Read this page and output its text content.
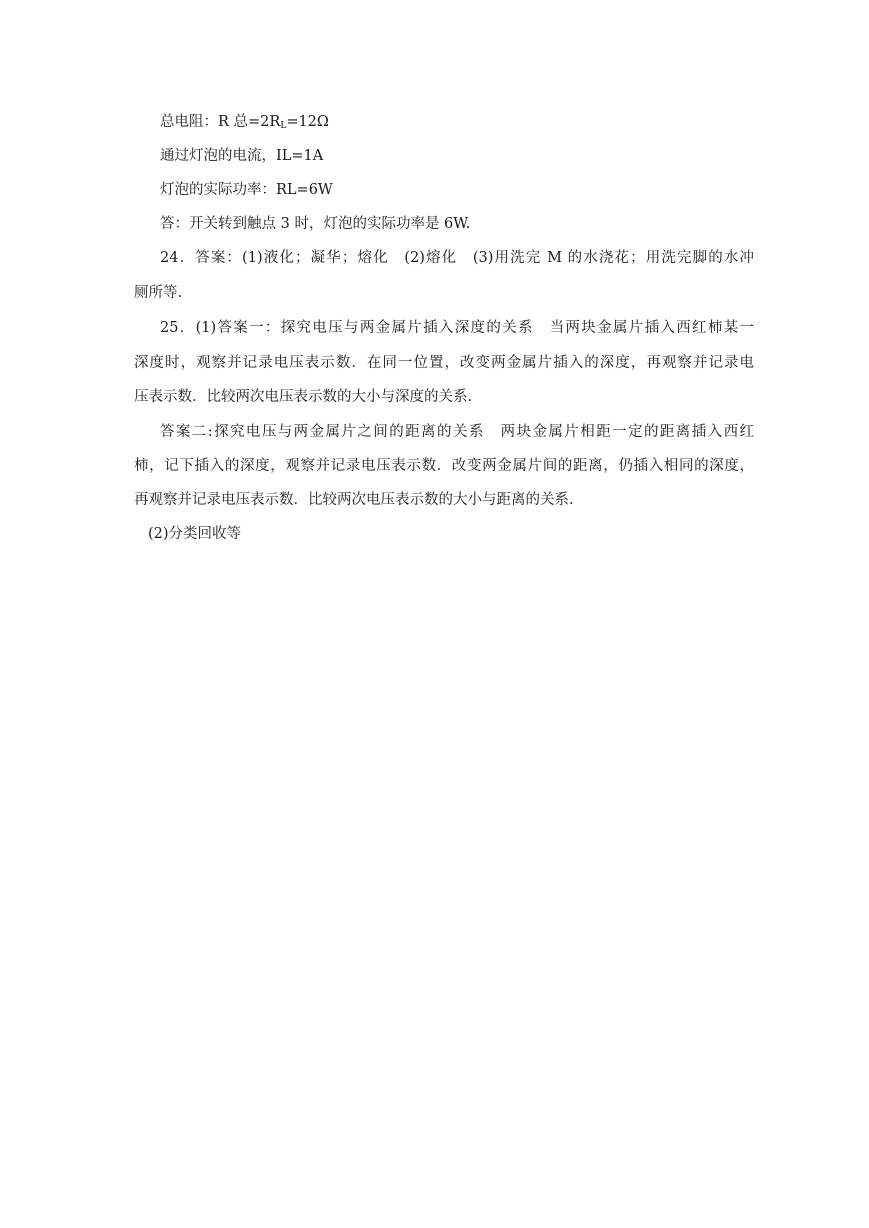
总电阻：R 总$=2R_L=12\Omega$
通过灯泡的电流，IL=1A
灯泡的实际功率：RL=6W
答：开关转到触点 3 时，灯泡的实际功率是 6W.
24．答案：(1)液化；凝华；熔化　(2)熔化　(3)用洗完 M 的水浇花；用洗完脚的水冲
厕所等.
25．(1)答案一：探究电压与两金属片插入深度的关系　当两块金属片插入西红柿某一
深度时，观察并记录电压表示数．在同一位置，改变两金属片插入的深度，再观察并记录电
压表示数．比较两次电压表示数的大小与深度的关系.
答案二:探究电压与两金属片之间的距离的关系　两块金属片相距一定的距离插入西红
柿，记下插入的深度，观察并记录电压表示数．改变两金属片间的距离，仍插入相同的深度，
再观察并记录电压表示数．比较两次电压表示数的大小与距离的关系.
(2)分类回收等
